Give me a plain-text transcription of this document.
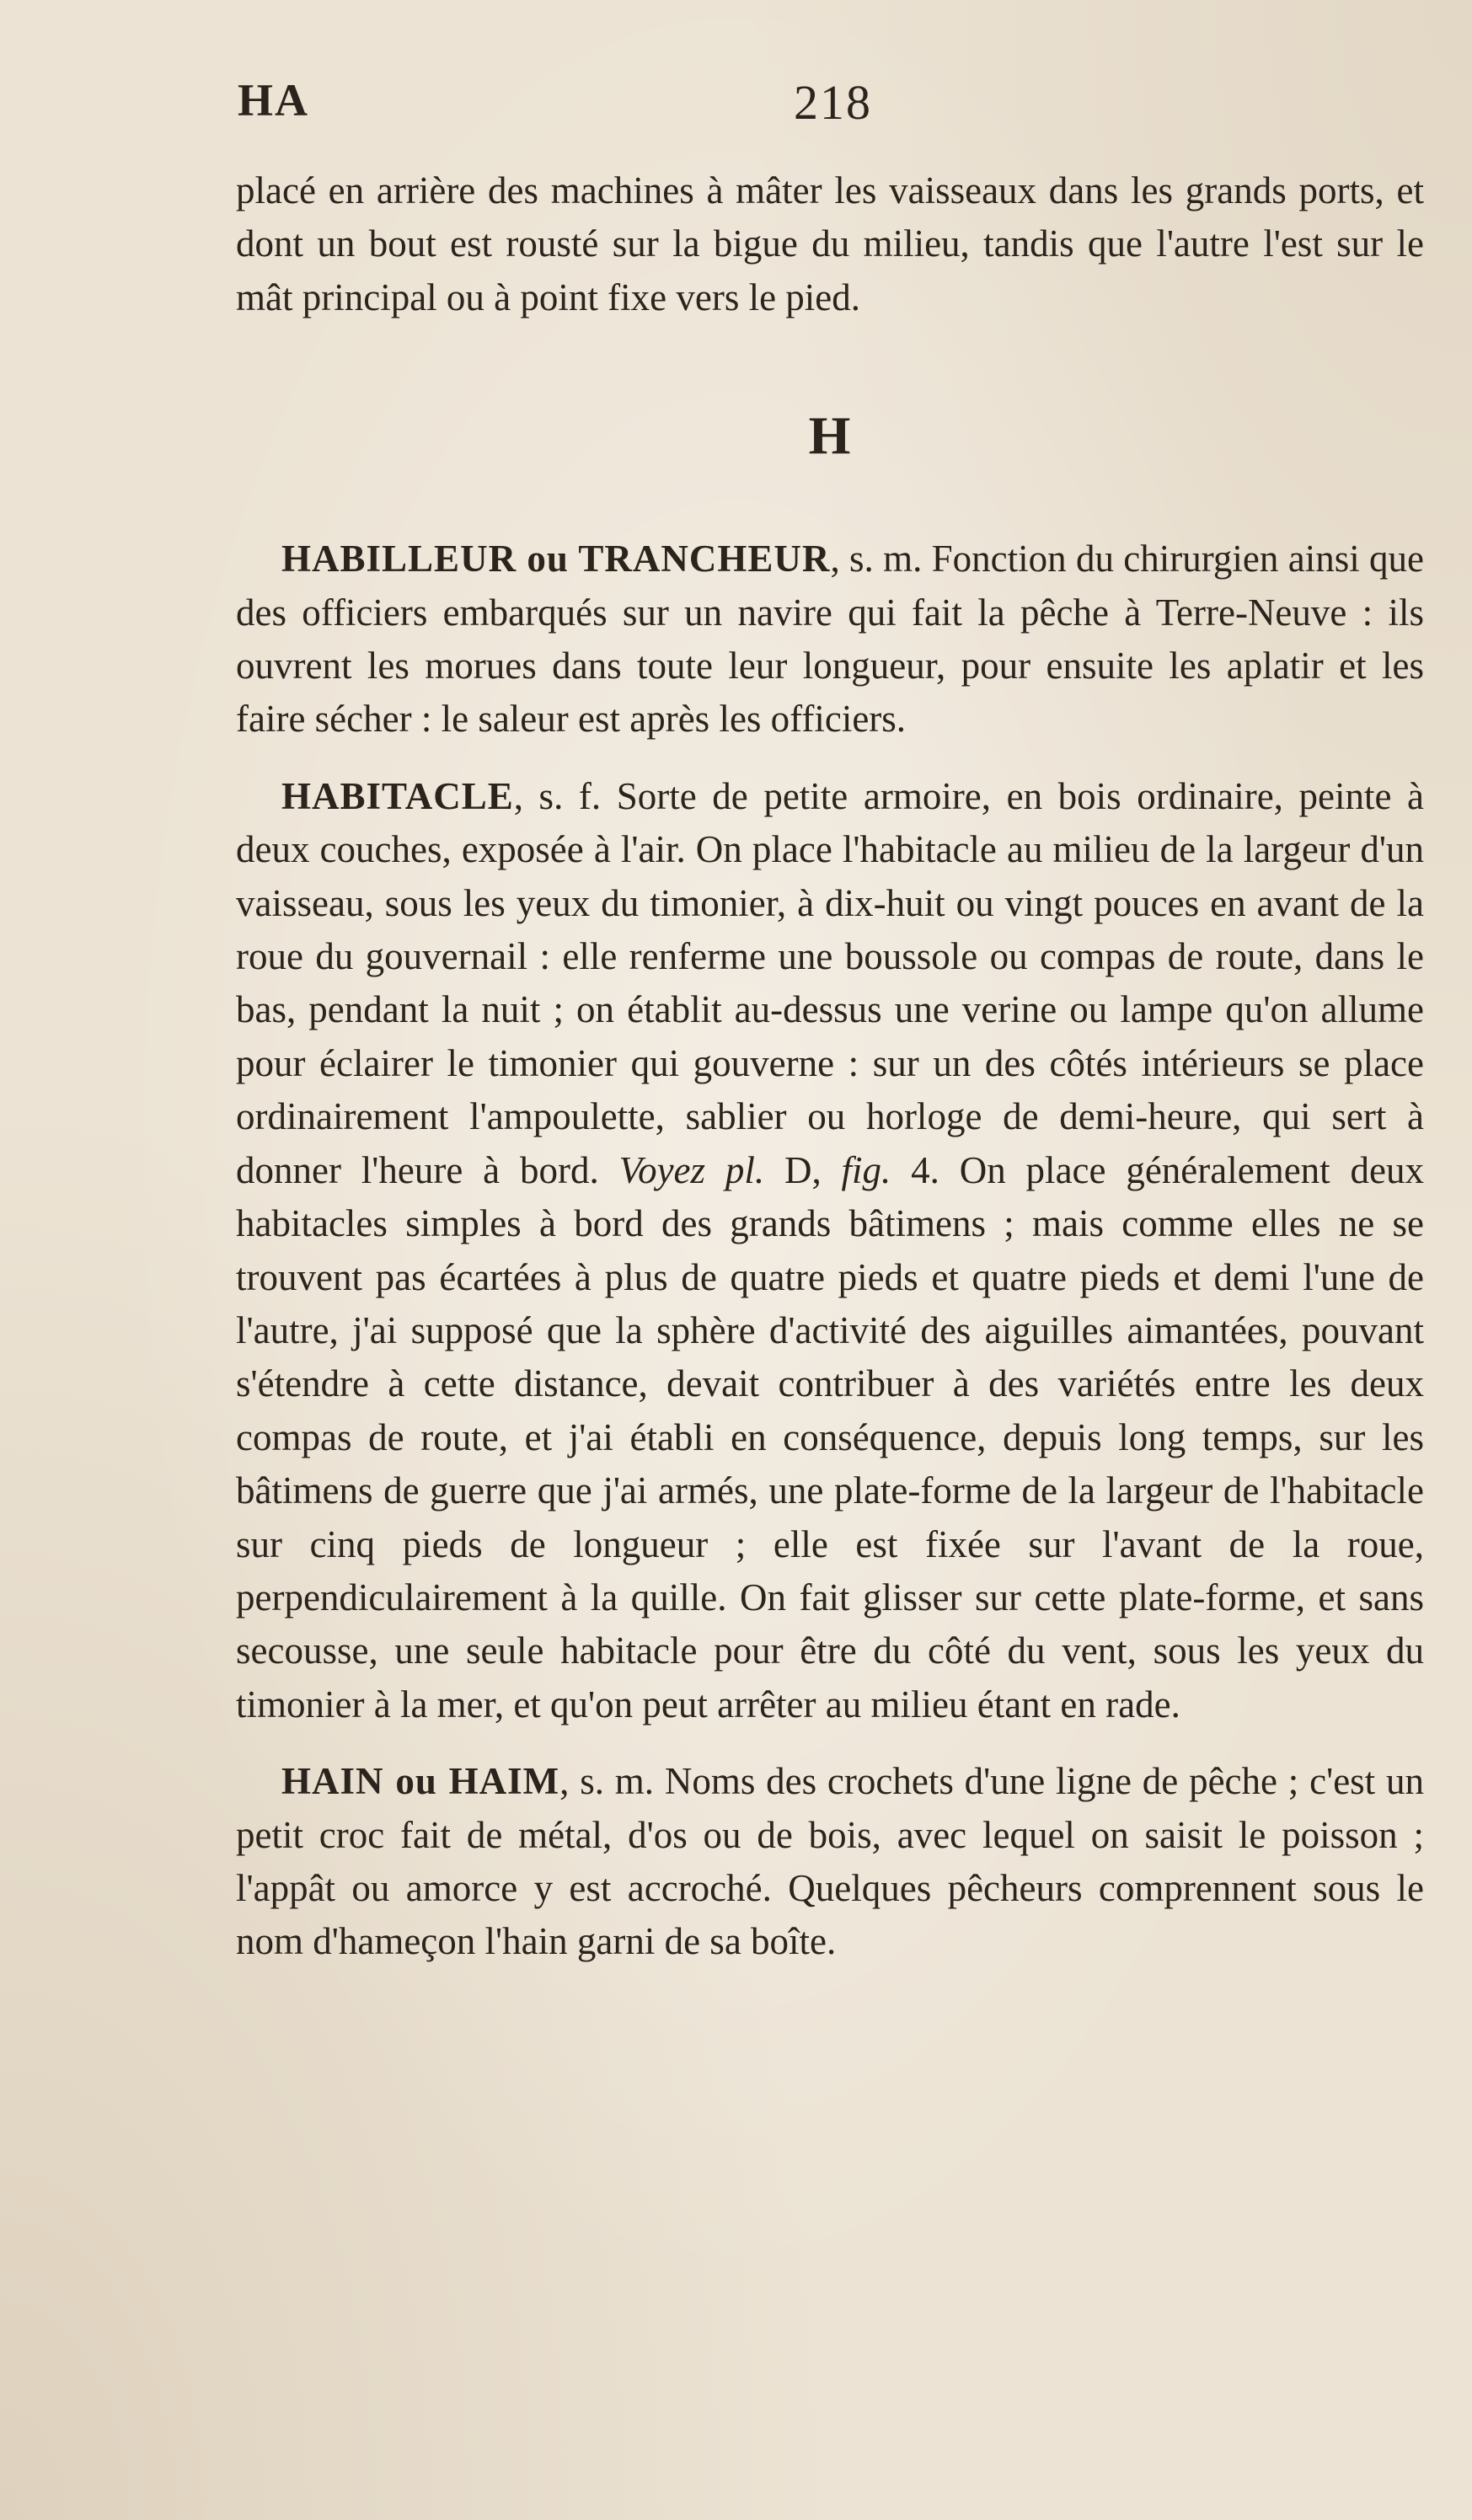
HA	218

placé en arrière des machines à mâter les vaisseaux dans les grands ports, et dont un bout est rousté sur la bigue du milieu, tandis que l'autre l'est sur le mât principal ou à point fixe vers le pied.

H

HABILLEUR ou TRANCHEUR, s. m. Fonction du chirurgien ainsi que des officiers embarqués sur un navire qui fait la pêche à Terre-Neuve : ils ouvrent les morues dans toute leur longueur, pour ensuite les aplatir et les faire sécher : le saleur est après les officiers.

HABITACLE, s. f. Sorte de petite armoire, en bois ordinaire, peinte à deux couches, exposée à l'air. On place l'habitacle au milieu de la largeur d'un vaisseau, sous les yeux du timonier, à dix-huit ou vingt pouces en avant de la roue du gouvernail : elle renferme une boussole ou compas de route, dans le bas, pendant la nuit ; on établit au-dessus une verine ou lampe qu'on allume pour éclairer le timonier qui gouverne : sur un des côtés intérieurs se place ordinairement l'ampoulette, sablier ou horloge de demi-heure, qui sert à donner l'heure à bord. Voyez pl. D, fig. 4. On place généralement deux habitacles simples à bord des grands bâtimens ; mais comme elles ne se trouvent pas écartées à plus de quatre pieds et quatre pieds et demi l'une de l'autre, j'ai supposé que la sphère d'activité des aiguilles aimantées, pouvant s'étendre à cette distance, devait contribuer à des variétés entre les deux compas de route, et j'ai établi en conséquence, depuis long temps, sur les bâtimens de guerre que j'ai armés, une plate-forme de la largeur de l'habitacle sur cinq pieds de longueur ; elle est fixée sur l'avant de la roue, perpendiculairement à la quille. On fait glisser sur cette plate-forme, et sans secousse, une seule habitacle pour être du côté du vent, sous les yeux du timonier à la mer, et qu'on peut arrêter au milieu étant en rade.

HAIN ou HAIM, s. m. Noms des crochets d'une ligne de pêche ; c'est un petit croc fait de métal, d'os ou de bois, avec lequel on saisit le poisson ; l'appât ou amorce y est accroché. Quelques pêcheurs comprennent sous le nom d'hameçon l'hain garni de sa boîte.
